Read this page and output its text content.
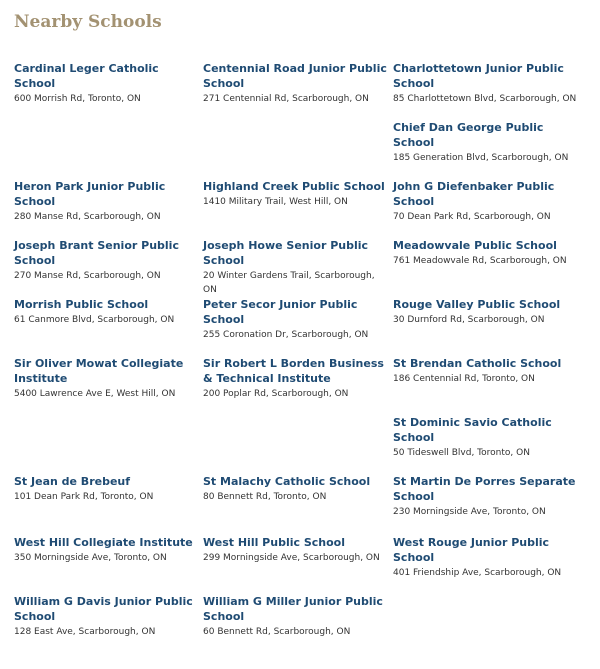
Nearby Schools
Cardinal Leger Catholic School
600 Morrish Rd, Toronto, ON
Centennial Road Junior Public School
271 Centennial Rd, Scarborough, ON
Charlottetown Junior Public School
85 Charlottetown Blvd, Scarborough, ON
Chief Dan George Public School
185 Generation Blvd, Scarborough, ON
Heron Park Junior Public School
280 Manse Rd, Scarborough, ON
Highland Creek Public School
1410 Military Trail, West Hill, ON
John G Diefenbaker Public School
70 Dean Park Rd, Scarborough, ON
Joseph Brant Senior Public School
270 Manse Rd, Scarborough, ON
Joseph Howe Senior Public School
20 Winter Gardens Trail, Scarborough, ON
Meadowvale Public School
761 Meadowvale Rd, Scarborough, ON
Morrish Public School
61 Canmore Blvd, Scarborough, ON
Peter Secor Junior Public School
255 Coronation Dr, Scarborough, ON
Rouge Valley Public School
30 Durnford Rd, Scarborough, ON
Sir Oliver Mowat Collegiate Institute
5400 Lawrence Ave E, West Hill, ON
Sir Robert L Borden Business & Technical Institute
200 Poplar Rd, Scarborough, ON
St Brendan Catholic School
186 Centennial Rd, Toronto, ON
St Dominic Savio Catholic School
50 Tideswell Blvd, Toronto, ON
St Jean de Brebeuf
101 Dean Park Rd, Toronto, ON
St Malachy Catholic School
80 Bennett Rd, Toronto, ON
St Martin De Porres Separate School
230 Morningside Ave, Toronto, ON
West Hill Collegiate Institute
350 Morningside Ave, Toronto, ON
West Hill Public School
299 Morningside Ave, Scarborough, ON
West Rouge Junior Public School
401 Friendship Ave, Scarborough, ON
William G Davis Junior Public School
128 East Ave, Scarborough, ON
William G Miller Junior Public School
60 Bennett Rd, Scarborough, ON
